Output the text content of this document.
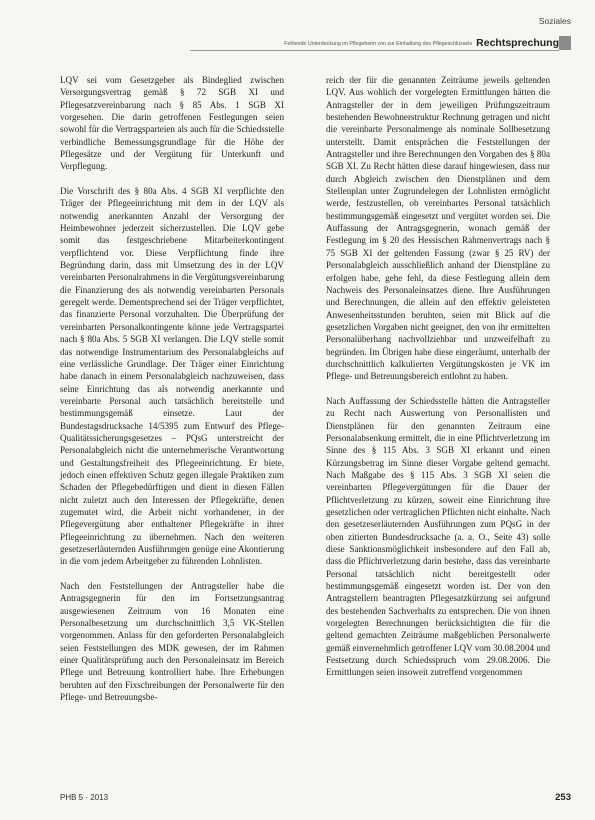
Soziales
Fehlende Unterdeckung im Pflegeheim von zur Einhaltung des Pflegeschlüssels Rechtsprechung

LQV sei vom Gesetzgeber als Bindeglied zwischen Versorgungsvertrag gemäß § 72 SGB XI und Pflegesatzvereinbarung nach § 85 Abs. 1 SGB XI vorgesehen. Die darin getroffenen Festlegungen seien sowohl für die Vertragsparteien als auch für die Schiedsstelle verbindliche Bemessungsgrundlage für die Höhe der Pflegesätze und der Vergütung für Unterkunft und Verpflegung.

Die Vorschrift des § 80a Abs. 4 SGB XI verpflichte den Träger der Pflegeeinrichtung mit dem in der LQV als notwendig anerkannten Anzahl der Versorgung der Heimbewohner jederzeit sicherzustellen. Die LQV gebe somit das festgeschriebene Mitarbeiterkontingent verpflichtend vor. Diese Verpflichtung finde ihre Begründung darin, dass mit Umsetzung des in der LQV vereinbarten Personalrahmens in die Vergütungsvereinbarung die Finanzierung des als notwendig vereinbarten Personals geregelt werde. Dementsprechend sei der Träger verpflichtet, das finanzierte Personal vorzuhalten. Die Überprüfung der vereinbarten Personalkontingente könne jede Vertragspartei nach § 80a Abs. 5 SGB XI verlangen. Die LQV stelle somit das notwendige Instrumentarium des Personalabgleichs auf eine verlässliche Grundlage. Der Träger einer Einrichtung habe danach in einem Personalabgleich nachzuweisen, dass seine Einrichtung das als notwendig anerkannte und vereinbarte Personal auch tatsächlich bereitstelle und bestimmungsgemäß einsetze. Laut der Bundestagsdrucksache 14/5395 zum Entwurf des Pflege-Qualitätssicherungsgesetzes – PQsG unterstreicht der Personalabgleich nicht die unternehmerische Verantwortung und Gestaltungsfreiheit des Pflegeeinrichtung. Er biete, jedoch einen effektiven Schutz gegen illegale Praktiken zum Schaden der Pflegebedürftigen und dient in diesen Fällen nicht zuletzt auch den Interessen der Pflegekräfte, denen zugemutet wird, die Arbeit nicht vorhandener, in der Pflegevergütung aber enthaltener Pflegekräfte in ihrer Pflegeeinrichtung zu übernehmen. Nach den weiteren gesetzeserläuternden Ausführungen genüge eine Akontierung in die vom jedem Arbeitgeber zu führenden Lohnlisten.

Nach den Feststellungen der Antragsteller habe die Antragsgegnerin für den im Fortsetzungsantrag ausgewiesenen Zeitraum von 16 Monaten eine Personalbesetzung um durchschnittlich 3,5 VK-Stellen vorgenommen. Anlass für den geforderten Personalabgleich seien Feststellungen des MDK gewesen, der im Rahmen einer Qualitätsprüfung auch den Personaleinsatz im Bereich Pflege und Betreuung kontrolliert habe. Ihre Erhebungen beruhten auf den Fixschreibungen der Personalwerte für den Pflege- und Betreuungsbe-

reich der für die genannten Zeiträume jeweils geltenden LQV. Aus wohlich der vorgelegten Ermittlungen hätten die Antragsteller der in dem jeweiligen Prüfungszeitraum bestehenden Bewohnerstruktur Rechnung getragen und nicht die vereinbarte Personalmenge als nominale Sollbesetzung unterstellt. Damit entsprächen die Feststellungen der Antragsteller und ihre Berechnungen den Vorgaben des § 80a SGB XI. Zu Recht hätten diese darauf hingewiesen, dass nur durch Abgleich zwischen den Dienstplänen und dem Stellenplan unter Zugrundelegen der Lohnlisten ermöglicht werde, festzustellen, ob vereinbartes Personal tatsächlich bestimmungsgemäß eingesetzt und vergütet worden sei. Die Auffassung der Antragsgegnerin, wonach gemäß der Festlegung im § 20 des Hessischen Rahmenvertrags nach § 75 SGB XI der geltenden Fassung (zwar § 25 RV) der Personalabgleich ausschließlich anhand der Dienstpläne zu erfolgen habe, gehe fehl, da diese Festlegung allein dem Nachweis des Personaleinsatzes diene. Ihre Ausführungen und Berechnungen, die allein auf den effektiv geleisteten Anwesenheitsstunden beruhten, seien mit Blick auf die gesetzlichen Vorgaben nicht geeignet, den von ihr ermittelten Personalüberhang nachvollziehbar und unzweifelhaft zu begründen. Im Übrigen habe diese eingeräumt, unterhalb der durchschnittlich kalkulierten Vergütungskosten je VK im Pflege- und Betreuungsbereich entlohnt zu haben.

Nach Auffassung der Schiedsstelle hätten die Antragsteller zu Recht nach Auswertung von Personallisten und Dienstplänen für den genannten Zeitraum eine Personalabsenkung ermittelt, die in eine Pflichtverletzung im Sinne des § 115 Abs. 3 SGB XI erkannt und einen Kürzungsbetrag im Sinne dieser Vorgabe geltend gemacht. Nach Maßgabe des § 115 Abs. 3 SGB XI seien die vereinbarten Pflegevergütungen für die Dauer der Pflichtverletzung zu kürzen, soweit eine Einrichtung ihre gesetzlichen oder vertraglichen Pflichten nicht einhalte. Nach den gesetzeserläuternden Ausführungen zum PQsG in der oben zitierten Bundesdrucksache (a. a. O., Seite 43) solle diese Sanktionsmöglichkeit insbesondere auf den Fall ab, dass die Pflichtverletzung darin bestehe, dass das vereinbarte Personal tatsächlich nicht bereitgestellt oder bestimmungsgemäß eingesetzt worden ist. Der von den Antragstellern beantragten Pflegesatzkürzung sei aufgrund des bestehenden Sachverhalts zu entsprechen. Die von ihnen vorgelegten Berechnungen berücksichtigten die für die geltend gemachten Zeiträume maßgeblichen Personalwerte gemäß einvernehmlich getroffener LQV vom 30.08.2004 und Festsetzung durch Schiedsspruch vom 29.08.2006. Die Ermittlungen seien insoweit zutreffend vorgenommen

PHB 5 · 2013	253
